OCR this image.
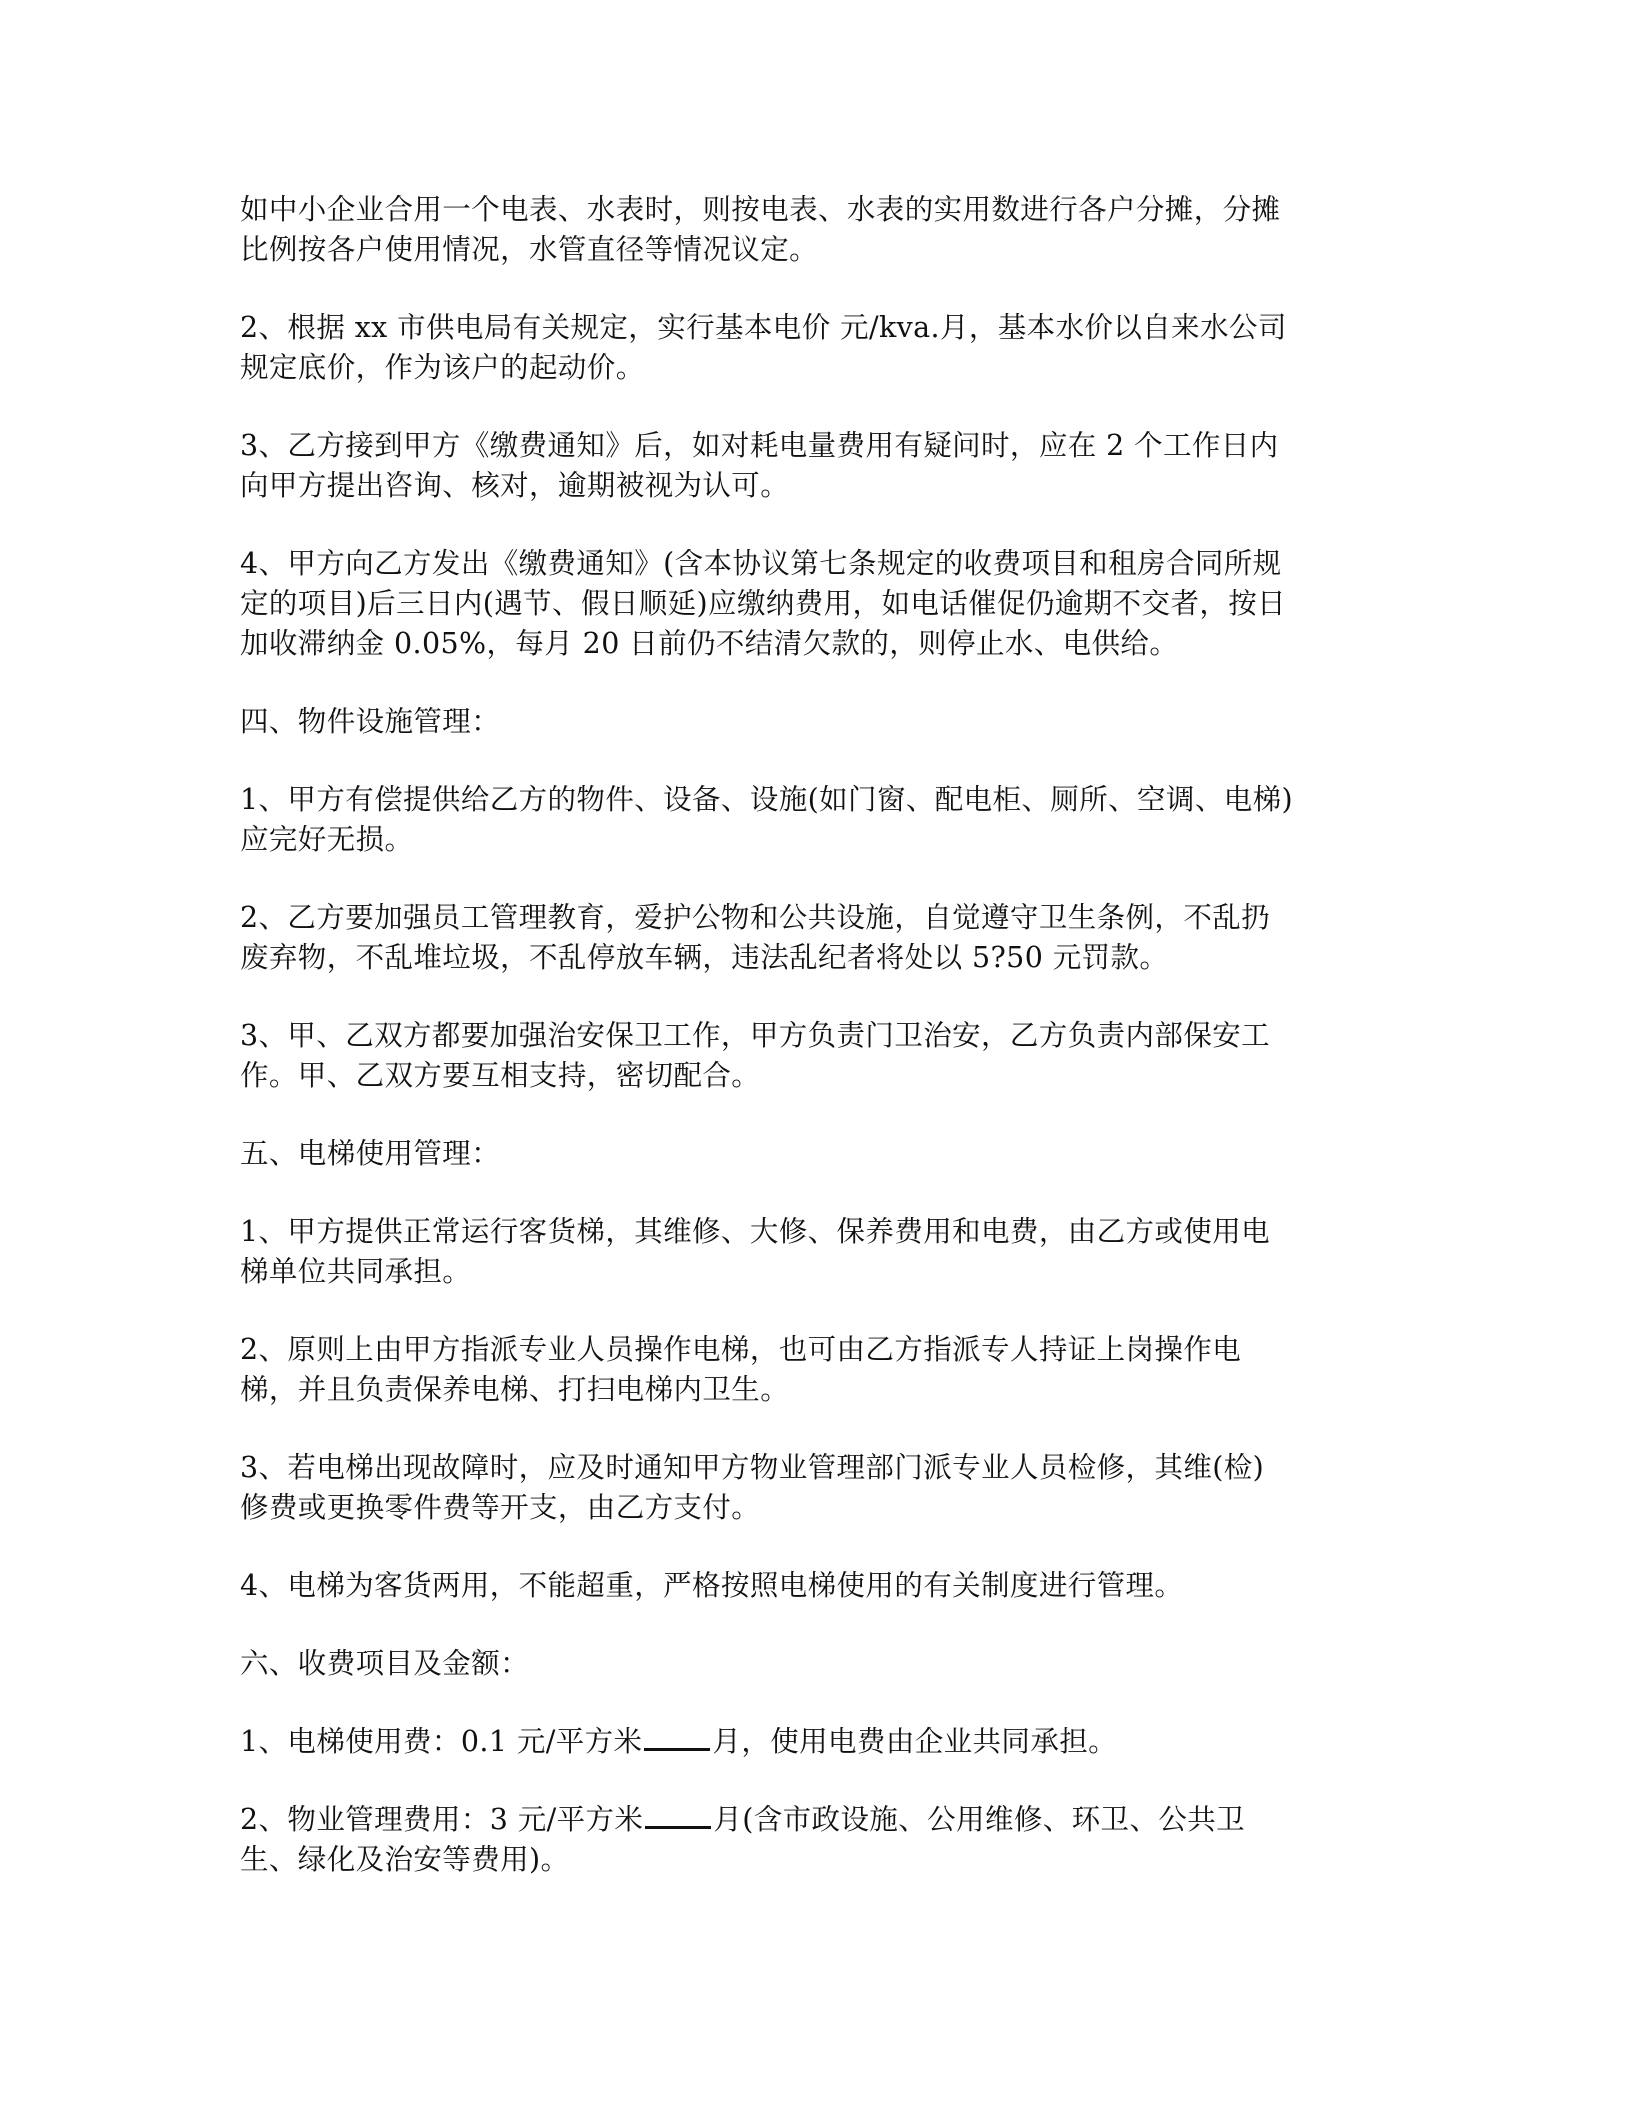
如中小企业合用一个电表、水表时，则按电表、水表的实用数进行各户分摊，分摊
比例按各户使用情况，水管直径等情况议定。

2、根据 xx 市供电局有关规定，实行基本电价 元/kva.月，基本水价以自来水公司
规定底价，作为该户的起动价。

3、乙方接到甲方《缴费通知》后，如对耗电量费用有疑问时，应在 2 个工作日内
向甲方提出咨询、核对，逾期被视为认可。

4、甲方向乙方发出《缴费通知》(含本协议第七条规定的收费项目和租房合同所规
定的项目)后三日内(遇节、假日顺延)应缴纳费用，如电话催促仍逾期不交者，按日
加收滞纳金 0.05%，每月 20 日前仍不结清欠款的，则停止水、电供给。

四、物件设施管理：

1、甲方有偿提供给乙方的物件、设备、设施(如门窗、配电柜、厕所、空调、电梯)
应完好无损。

2、乙方要加强员工管理教育，爱护公物和公共设施，自觉遵守卫生条例，不乱扔
废弃物，不乱堆垃圾，不乱停放车辆，违法乱纪者将处以 5?50 元罚款。

3、甲、乙双方都要加强治安保卫工作，甲方负责门卫治安，乙方负责内部保安工
作。甲、乙双方要互相支持，密切配合。

五、电梯使用管理：

1、甲方提供正常运行客货梯，其维修、大修、保养费用和电费，由乙方或使用电
梯单位共同承担。

2、原则上由甲方指派专业人员操作电梯，也可由乙方指派专人持证上岗操作电
梯，并且负责保养电梯、打扫电梯内卫生。

3、若电梯出现故障时，应及时通知甲方物业管理部门派专业人员检修，其维(检)
修费或更换零件费等开支，由乙方支付。

4、电梯为客货两用，不能超重，严格按照电梯使用的有关制度进行管理。

六、收费项目及金额：

1、电梯使用费：0.1 元/平方米 月，使用电费由企业共同承担。

2、物业管理费用：3 元/平方米 月(含市政设施、公用维修、环卫、公共卫
生、绿化及治安等费用)。
